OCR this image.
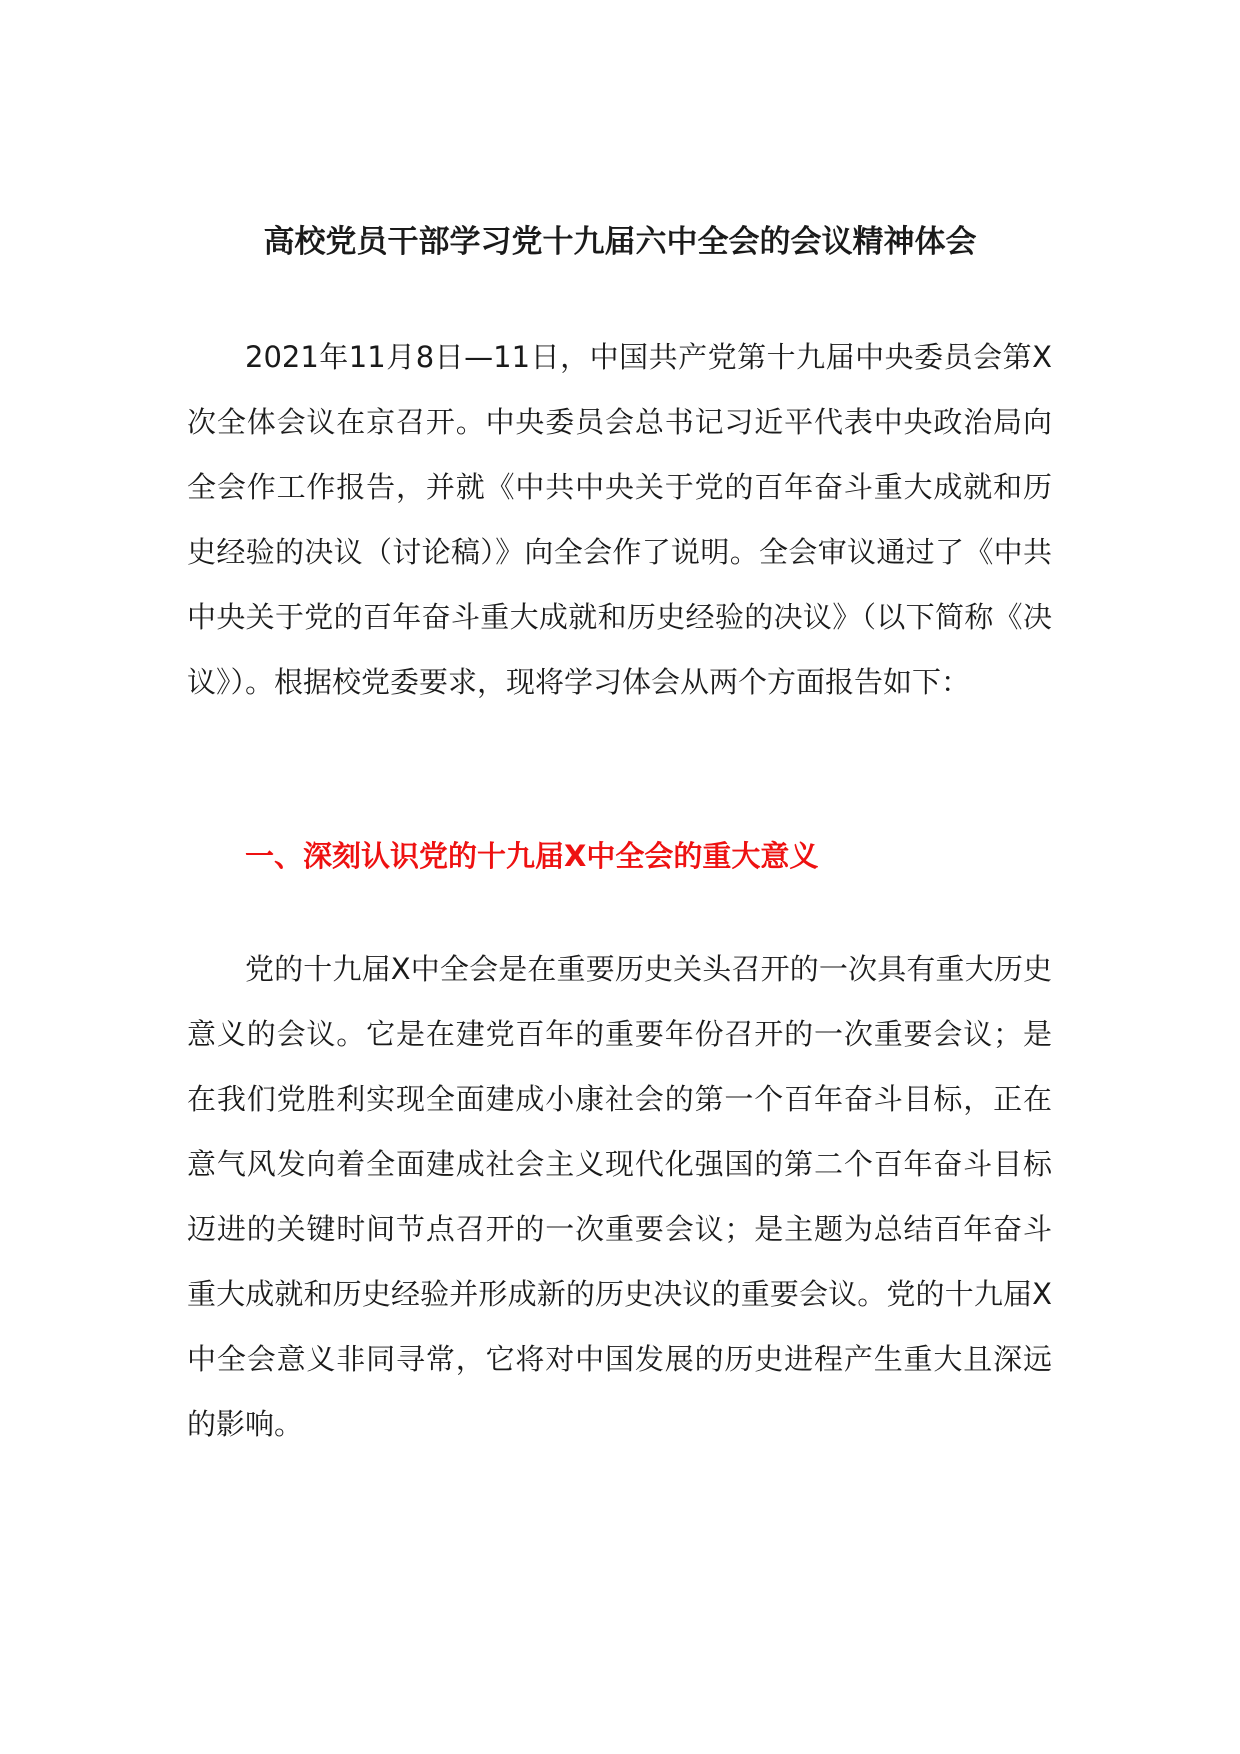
高校党员干部学习党十九届六中全会的会议精神体会

2021年11月8日—11日，中国共产党第十九届中央委员会第X次全体会议在京召开。中央委员会总书记习近平代表中央政治局向全会作工作报告，并就《中共中央关于党的百年奋斗重大成就和历史经验的决议（讨论稿）》向全会作了说明。全会审议通过了《中共中央关于党的百年奋斗重大成就和历史经验的决议》（以下简称《决议》）。根据校党委要求，现将学习体会从两个方面报告如下：

一、深刻认识党的十九届X中全会的重大意义

党的十九届X中全会是在重要历史关头召开的一次具有重大历史意义的会议。它是在建党百年的重要年份召开的一次重要会议；是在我们党胜利实现全面建成小康社会的第一个百年奋斗目标，正在意气风发向着全面建成社会主义现代化强国的第二个百年奋斗目标迈进的关键时间节点召开的一次重要会议；是主题为总结百年奋斗重大成就和历史经验并形成新的历史决议的重要会议。党的十九届X中全会意义非同寻常，它将对中国发展的历史进程产生重大且深远的影响。
